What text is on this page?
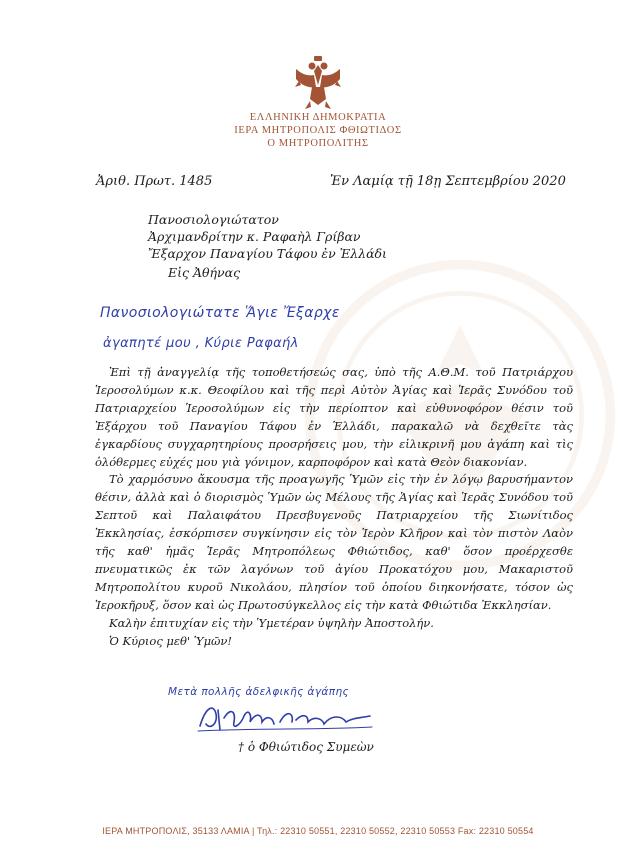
ΕΛΛΗΝΙΚΗ ΔΗΜΟΚΡΑΤΙΑ
ΙΕΡΑ ΜΗΤΡΟΠΟΛΙΣ ΦΘΙΩΤΙΔΟΣ
Ο ΜΗΤΡΟΠΟΛΙΤΗΣ
Ἀριθ. Πρωτ. 1485	Ἐν Λαμίᾳ τῇ 18ῃ Σεπτεμβρίου 2020
Πανοσιολογιώτατον
Ἀρχιμανδρίτην κ. Ραφαὴλ Γρίβαν
Ἔξαρχον Παναγίου Τάφου ἐν Ἑλλάδι
Εἰς Ἀθήνας
Πανοσιολογιώτατε Ἅγιε Ἔξαρχε
ἀγαπητέ μου , Κύριε Ραφαήλ

Ἐπὶ τῇ ἀναγγελίᾳ τῆς τοποθετήσεώς σας, ὑπὸ τῆς Α.Θ.Μ. τοῦ Πατριάρχου Ἱεροσολύμων κ.κ. Θεοφίλου καὶ τῆς περὶ Αὐτὸν Ἁγίας καὶ Ἱερᾶς Συνόδου τοῦ Πατριαρχείου Ἱεροσολύμων εἰς τὴν περίοπτον καὶ εὐθυνοφόρον θέσιν τοῦ Ἐξάρχου τοῦ Παναγίου Τάφου ἐν Ἑλλάδι, παρακαλῶ νὰ δεχθεῖτε τὰς ἐγκαρδίους συγχαρητηρίους προσρήσεις μου, τὴν εἰλικρινῆ μου ἀγάπη καὶ τὶς ὁλόθερμες εὐχές μου γιὰ γόνιμον, καρποφόρον καὶ κατὰ Θεὸν διακονίαν.

Τὸ χαρμόσυνο ἄκουσμα τῆς προαγωγῆς Ὑμῶν εἰς τὴν ἐν λόγῳ βαρυσήμαντον θέσιν, ἀλλὰ καὶ ὁ διορισμὸς Ὑμῶν ὡς Μέλους τῆς Ἁγίας καὶ Ἱερᾶς Συνόδου τοῦ Σεπτοῦ καὶ Παλαιφάτου Πρεσβυγενοῦς Πατριαρχείου τῆς Σιωνίτιδος Ἐκκλησίας, ἐσκόρπισεν συγκίνησιν εἰς τὸν Ἱερὸν Κλῆρον καὶ τὸν πιστὸν Λαὸν τῆς καθ' ἡμᾶς Ἱερᾶς Μητροπόλεως Φθιώτιδος, καθ' ὅσον προέρχεσθε πνευματικῶς ἐκ τῶν λαγόνων τοῦ ἁγίου Προκατόχου μου, Μακαριστοῦ Μητροπολίτου κυροῦ Νικολάου, πλησίον τοῦ ὁποίου διηκονήσατε, τόσον ὡς Ἱεροκῆρυξ, ὅσον καὶ ὡς Πρωτοσύγκελλος εἰς τὴν κατὰ Φθιώτιδα Ἐκκλησίαν.

Καλὴν ἐπιτυχίαν εἰς τὴν Ὑμετέραν ὑψηλὴν Ἀποστολήν.

Ὁ Κύριος μεθ' Ὑμῶν!

Μετὰ πολλῆς ἀδελφικῆς ἀγάπης
† ὁ Φθιώτιδος Συμεὼν
ΙΕΡΑ ΜΗΤΡΟΠΟΛΙΣ, 35133 ΛΑΜΙΑ | Τηλ.: 22310 50551, 22310 50552, 22310 50553 Fax: 22310 50554
